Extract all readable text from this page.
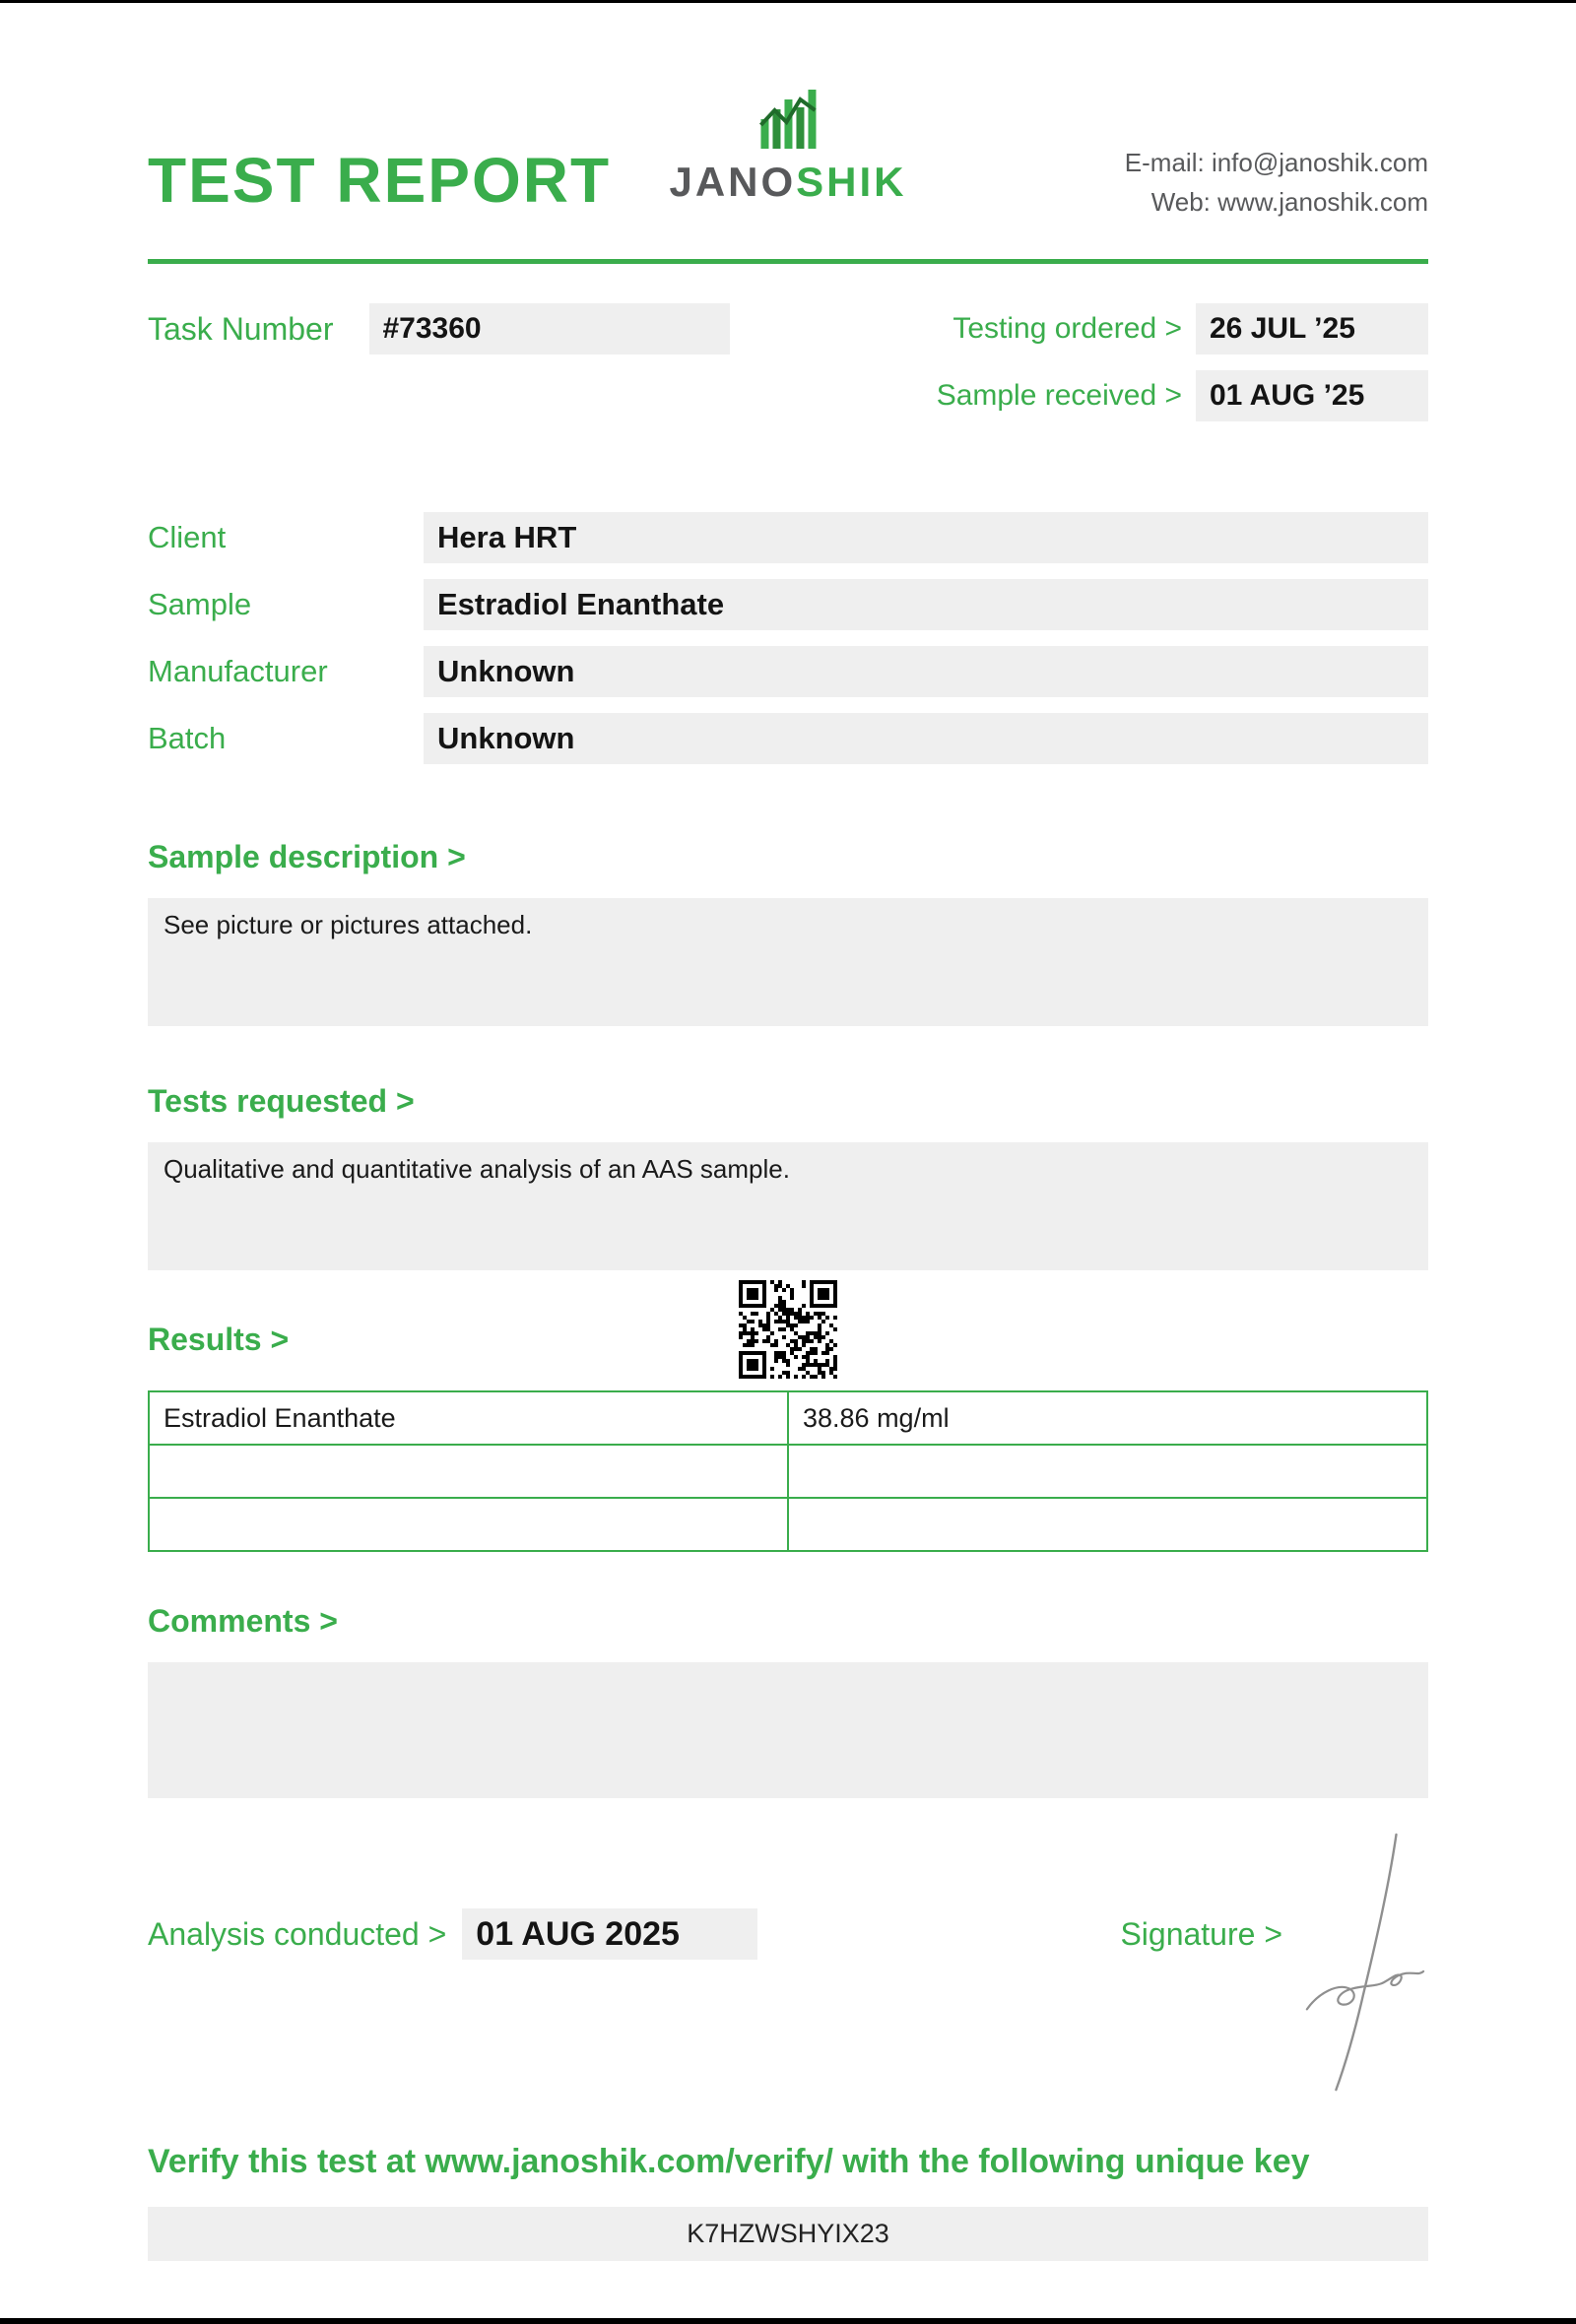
TEST REPORT JANOSHIK	E-mail: info@janoshik.com
Web: www.janoshik.com
Task Number #73360	Testing ordered > 26 JUL ’25
Sample received > 01 AUG ’25
Client	Hera HRT
Sample	Estradiol Enanthate
Manufacturer	Unknown
Batch	Unknown
Sample description >
See picture or pictures attached.
Tests requested >
Qualitative and quantitative analysis of an AAS sample.
Results >
Estradiol Enanthate	38.86 mg/ml

Comments >
Analysis conducted > 01 AUG 2025	Signature >
Verify this test at www.janoshik.com/verify/ with the following unique key
K7HZWSHYIX23
